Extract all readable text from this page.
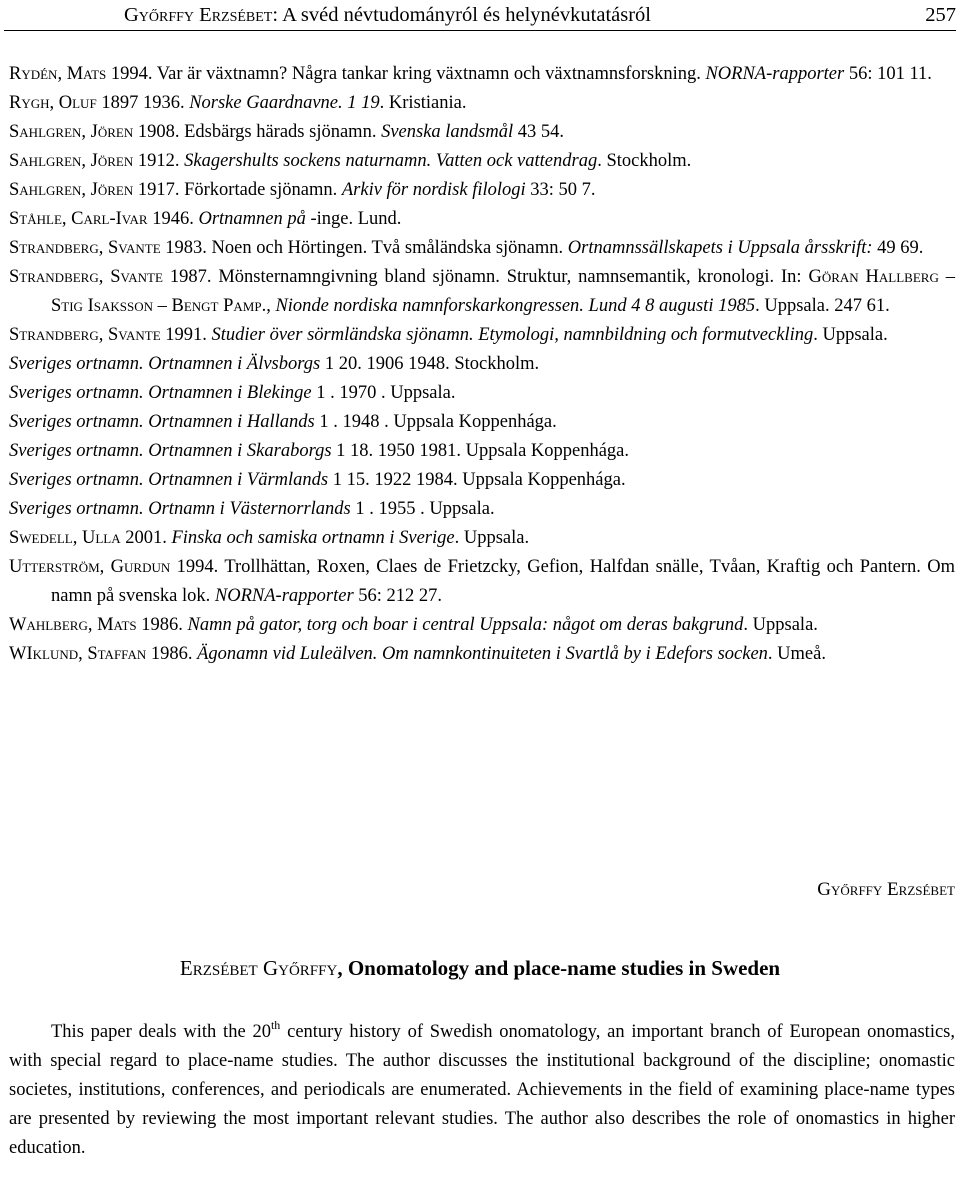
Győrffy Erzsébet: A svéd névtudományról és helynévkutatásról	257
Rydén, Mats 1994. Var är växtnamn? Några tankar kring växtnamn och växtnamnsforskning. NORNA-rapporter 56: 101 11.
Rygh, Oluf 1897 1936. Norske Gaardnavne. 1 19. Kristiania.
Sahlgren, Jören 1908. Edsbärgs härads sjönamn. Svenska landsmål 43 54.
Sahlgren, Jören 1912. Skagershults sockens naturnamn. Vatten ock vattendrag. Stockholm.
Sahlgren, Jören 1917. Förkortade sjönamn. Arkiv för nordisk filologi 33: 50 7.
Ståhle, Carl-Ivar 1946. Ortnamnen på -inge. Lund.
Strandberg, Svante 1983. Noen och Hörtingen. Två småländska sjönamn. Ortnamnssällskapets i Uppsala årsskrift: 49 69.
Strandberg, Svante 1987. Mönsternamngivning bland sjönamn. Struktur, namnsemantik, kronologi. In: Göran Hallberg – Stig Isaksson – Bengt Pamp., Nionde nordiska namnforskarkongressen. Lund 4 8 augusti 1985. Uppsala. 247 61.
Strandberg, Svante 1991. Studier över sörmländska sjönamn. Etymologi, namnbildning och formutveckling. Uppsala.
Sveriges ortnamn. Ortnamnen i Älvsborgs 1 20. 1906 1948. Stockholm.
Sveriges ortnamn. Ortnamnen i Blekinge 1 . 1970 . Uppsala.
Sveriges ortnamn. Ortnamnen i Hallands 1 . 1948 . Uppsala Koppenhága.
Sveriges ortnamn. Ortnamnen i Skaraborgs 1 18. 1950 1981. Uppsala Koppenhága.
Sveriges ortnamn. Ortnamnen i Värmlands 1 15. 1922 1984. Uppsala Koppenhága.
Sveriges ortnamn. Ortnamn i Västernorrlands 1 . 1955 . Uppsala.
Swedell, Ulla 2001. Finska och samiska ortnamn i Sverige. Uppsala.
Utterström, Gurdun 1994. Trollhättan, Roxen, Claes de Frietzcky, Gefion, Halfdan snälle, Tvåan, Kraftig och Pantern. Om namn på svenska lok. NORNA-rapporter 56: 212 27.
Wahlberg, Mats 1986. Namn på gator, torg och boar i central Uppsala: något om deras bakgrund. Uppsala.
WIklund, Staffan 1986. Ägonamn vid Luleälven. Om namnkontinuiteten i Svartlå by i Edefors socken. Umeå.
Győrffy Erzsébet
Erzsébet Győrffy, Onomatology and place-name studies in Sweden
This paper deals with the 20th century history of Swedish onomatology, an important branch of European onomastics, with special regard to place-name studies. The author discusses the institutional background of the discipline; onomastic societes, institutions, conferences, and periodicals are enumerated. Achievements in the field of examining place-name types are presented by reviewing the most important relevant studies. The author also describes the role of onomastics in higher education.
